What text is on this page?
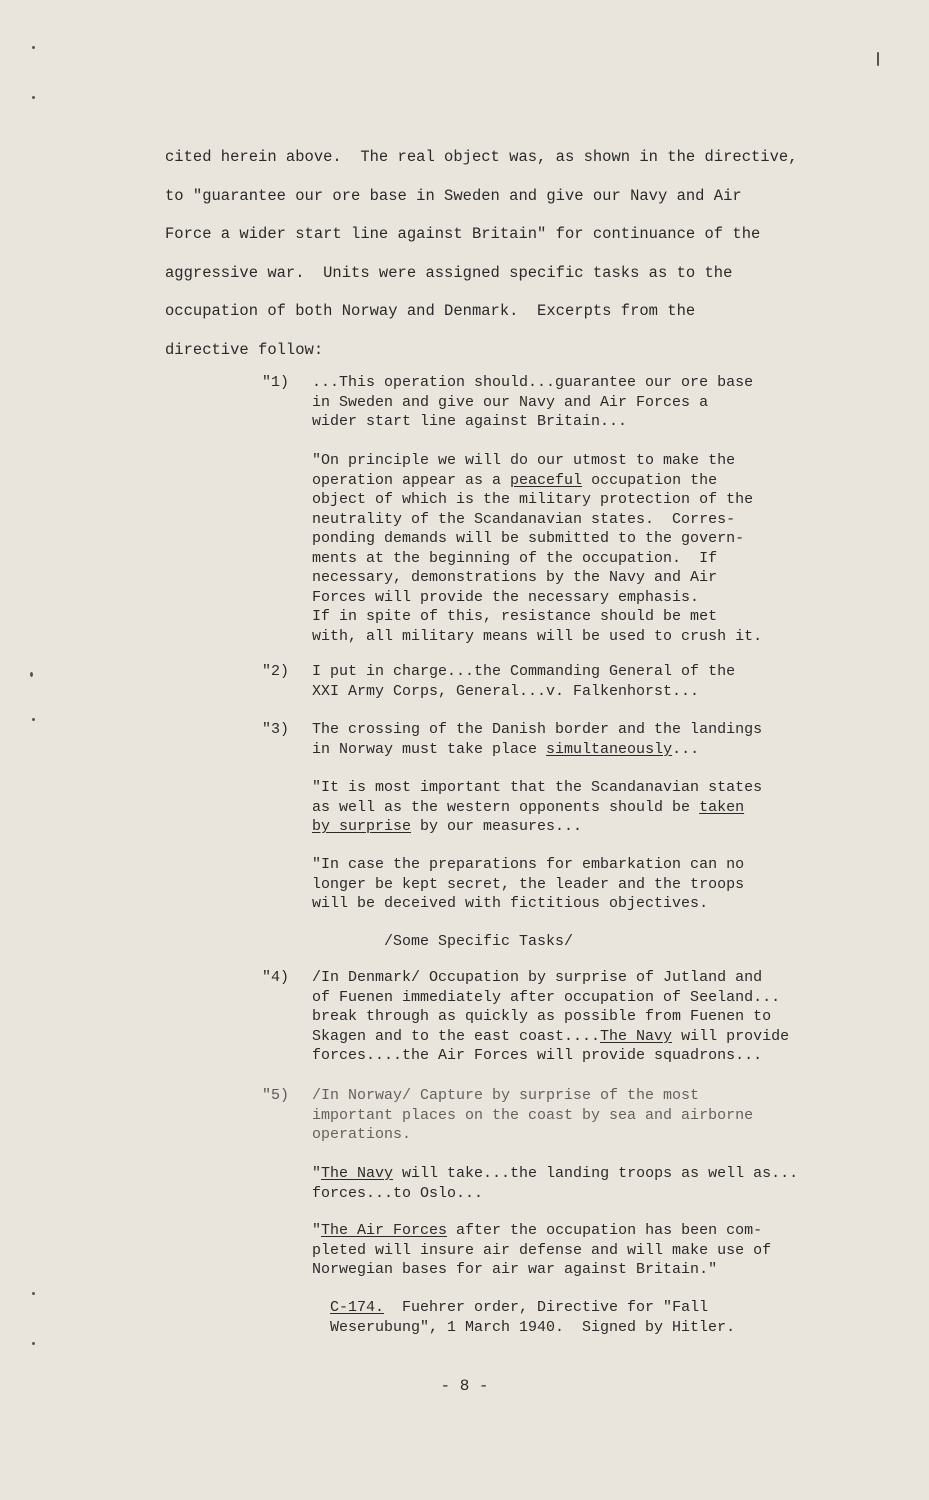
cited herein above.  The real object was, as shown in the directive,
to "guarantee our ore base in Sweden and give our Navy and Air
Force a wider start line against Britain" for continuance of the
aggressive war.  Units were assigned specific tasks as to the
occupation of both Norway and Denmark.  Excerpts from the
directive follow:
"1) ...This operation should...guarantee our ore base
in Sweden and give our Navy and Air Forces a
wider start line against Britain...
"On principle we will do our utmost to make the
operation appear as a peaceful occupation the
object of which is the military protection of the
neutrality of the Scandanavian states.  Corres-
ponding demands will be submitted to the govern-
ments at the beginning of the occupation.  If
necessary, demonstrations by the Navy and Air
Forces will provide the necessary emphasis.
If in spite of this, resistance should be met
with, all military means will be used to crush it.
"2) I put in charge...the Commanding General of the
XXI Army Corps, General...v. Falkenhorst...
"3) The crossing of the Danish border and the landings
in Norway must take place simultaneously...
"It is most important that the Scandanavian states
as well as the western opponents should be taken
by surprise by our measures...
"In case the preparations for embarkation can no
longer be kept secret, the leader and the troops
will be deceived with fictitious objectives.
/Some Specific Tasks/
"4) /In Denmark/ Occupation by surprise of Jutland and
of Fuenen immediately after occupation of Seeland...
break through as quickly as possible from Fuenen to
Skagen and to the east coast....The Navy will provide
forces....the Air Forces will provide squadrons...
"5) /In Norway/ Capture by surprise of the most
important places on the coast by sea and airborne
operations.
"The Navy will take...the landing troops as well as...
forces...to Oslo...
"The Air Forces after the occupation has been com-
pleted will insure air defense and will make use of
Norwegian bases for air war against Britain."
C-174.  Fuehrer order, Directive for "Fall
Weserubung", 1 March 1940.  Signed by Hitler.
- 8 -
